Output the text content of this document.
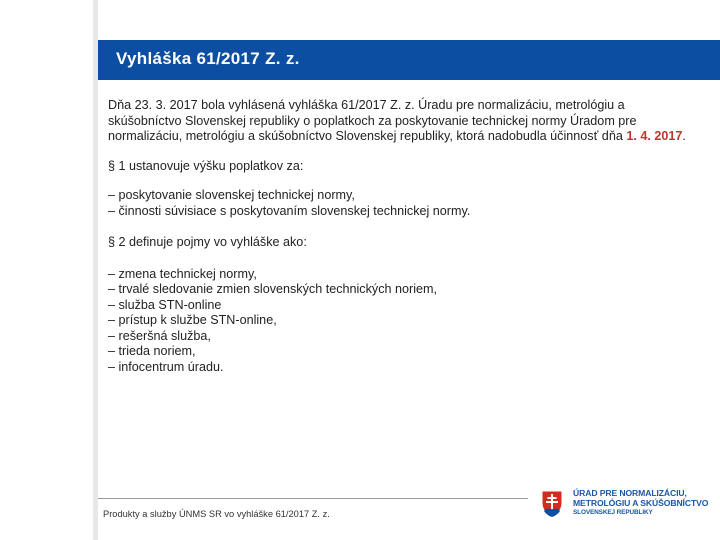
Vyhláška 61/2017 Z. z.

Dňa 23. 3. 2017 bola vyhlásená vyhláška 61/2017 Z. z. Úradu pre normalizáciu, metrológiu a skúšobníctvo Slovenskej republiky o poplatkoch za poskytovanie technickej normy Úradom pre normalizáciu, metrológiu a skúšobníctvo Slovenskej republiky, ktorá nadobudla účinnosť dňa 1. 4. 2017.

§ 1 ustanovuje výšku poplatkov za:

– poskytovanie slovenskej technickej normy,

– činnosti súvisiace s poskytovaním slovenskej technickej normy.

§ 2 definuje pojmy vo vyhláške ako:

– zmena technickej normy,

– trvalé sledovanie zmien slovenských technických noriem,

– služba STN-online

– prístup k službe STN-online,

– rešeršná služba,

– trieda noriem,

– infocentrum úradu.

Produkty a služby ÚNMS SR vo vyhláške 61/2017 Z. z.
ÚRAD PRE NORMALIZÁCIU,
METROLÓGIU A SKÚŠOBNÍCTVO
SLOVENSKEJ REPUBLIKY
